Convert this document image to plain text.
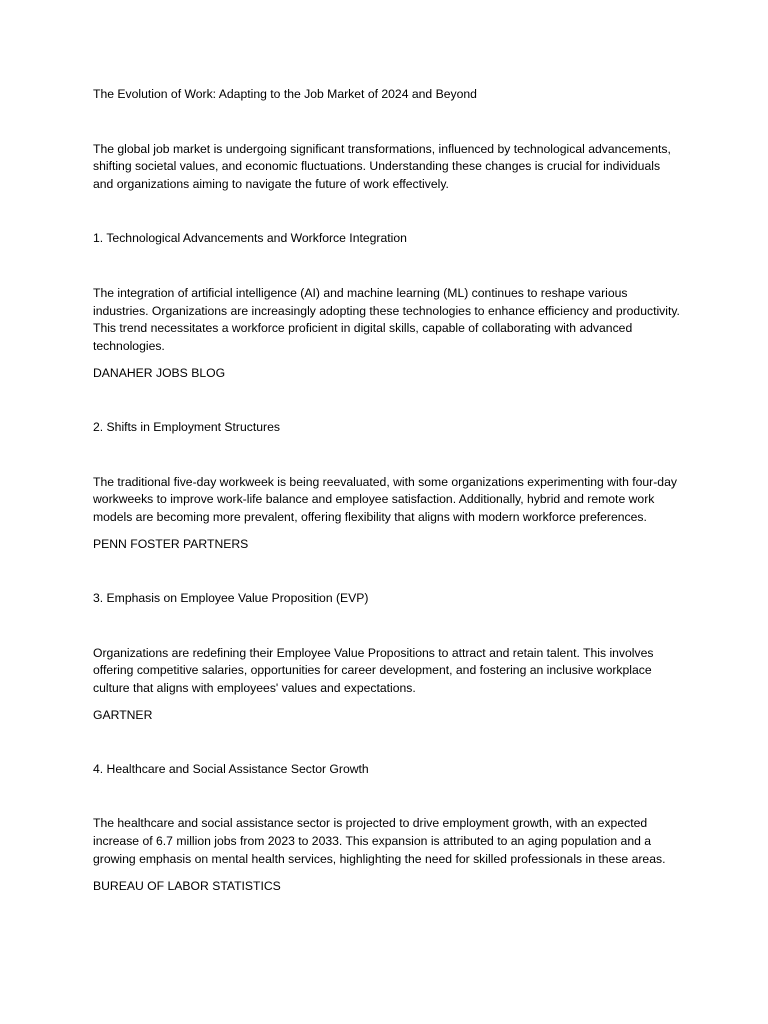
The Evolution of Work: Adapting to the Job Market of 2024 and Beyond

The global job market is undergoing significant transformations, influenced by technological advancements, shifting societal values, and economic fluctuations. Understanding these changes is crucial for individuals and organizations aiming to navigate the future of work effectively.

1. Technological Advancements and Workforce Integration

The integration of artificial intelligence (AI) and machine learning (ML) continues to reshape various industries. Organizations are increasingly adopting these technologies to enhance efficiency and productivity. This trend necessitates a workforce proficient in digital skills, capable of collaborating with advanced technologies.

DANAHER JOBS BLOG

2. Shifts in Employment Structures

The traditional five-day workweek is being reevaluated, with some organizations experimenting with four-day workweeks to improve work-life balance and employee satisfaction. Additionally, hybrid and remote work models are becoming more prevalent, offering flexibility that aligns with modern workforce preferences.

PENN FOSTER PARTNERS

3. Emphasis on Employee Value Proposition (EVP)

Organizations are redefining their Employee Value Propositions to attract and retain talent. This involves offering competitive salaries, opportunities for career development, and fostering an inclusive workplace culture that aligns with employees' values and expectations.

GARTNER

4. Healthcare and Social Assistance Sector Growth

The healthcare and social assistance sector is projected to drive employment growth, with an expected increase of 6.7 million jobs from 2023 to 2033. This expansion is attributed to an aging population and a growing emphasis on mental health services, highlighting the need for skilled professionals in these areas.

BUREAU OF LABOR STATISTICS
